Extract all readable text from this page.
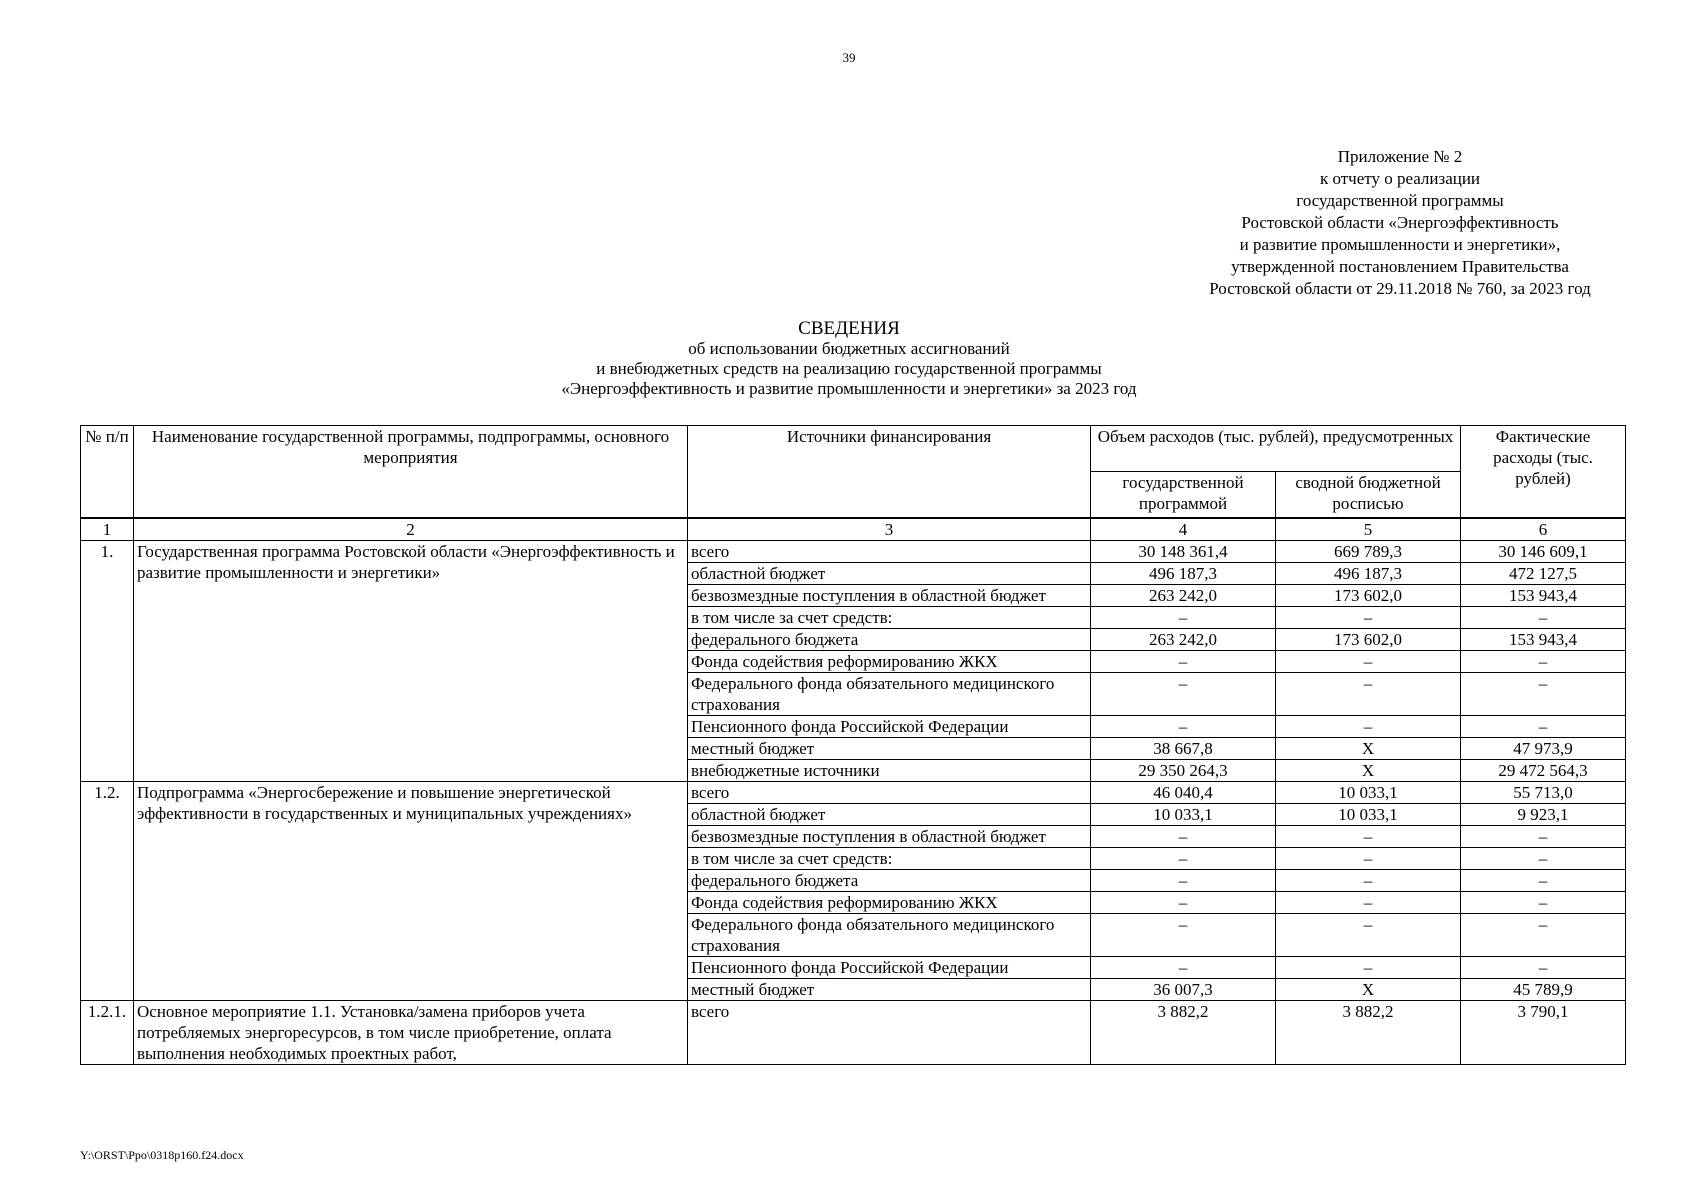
39
Приложение № 2
к отчету о реализации
государственной программы
Ростовской области «Энергоэффективность
и развитие промышленности и энергетики»,
утвержденной постановлением Правительства
Ростовской области от 29.11.2018 № 760, за 2023 год
СВЕДЕНИЯ
об использовании бюджетных ассигнований
и внебюджетных средств на реализацию государственной программы
«Энергоэффективность и развитие промышленности и энергетики» за 2023 год
№ п/п	Наименование государственной программы, подпрограммы, основного мероприятия	Источники финансирования	Объем расходов (тыс. рублей), предусмотренных		Фактические расходы (тыс. рублей)
			государственной программой	сводной бюджетной росписью	
1	2	3	4	5	6
1.	Государственная программа Ростовской области «Энергоэффективность и развитие промышленности и энергетики»	всего	30 148 361,4	669 789,3	30 146 609,1
		областной бюджет	496 187,3	496 187,3	472 127,5
		безвозмездные поступления в областной бюджет	263 242,0	173 602,0	153 943,4
		в том числе за счет средств:	–	–	–
		федерального бюджета	263 242,0	173 602,0	153 943,4
		Фонда содействия реформированию ЖКХ	–	–	–
		Федерального фонда обязательного медицинского страхования	–	–	–
		Пенсионного фонда Российской Федерации	–	–	–
		местный бюджет	38 667,8	Х	47 973,9
		внебюджетные источники	29 350 264,3	Х	29 472 564,3
1.2.	Подпрограмма «Энергосбережение и повышение энергетической эффективности в государственных и муниципальных учреждениях»	всего	46 040,4	10 033,1	55 713,0
		областной бюджет	10 033,1	10 033,1	9 923,1
		безвозмездные поступления в областной бюджет	–	–	–
		в том числе за счет средств:	–	–	–
		федерального бюджета	–	–	–
		Фонда содействия реформированию ЖКХ	–	–	–
		Федерального фонда обязательного медицинского страхования	–	–	–
		Пенсионного фонда Российской Федерации	–	–	–
		местный бюджет	36 007,3	Х	45 789,9
1.2.1.	Основное мероприятие 1.1. Установка/замена приборов учета потребляемых энергоресурсов, в том числе приобретение, оплата выполнения необходимых проектных работ,	всего	3 882,2	3 882,2	3 790,1
Y:\ORST\Ppo\0318p160.f24.docx
